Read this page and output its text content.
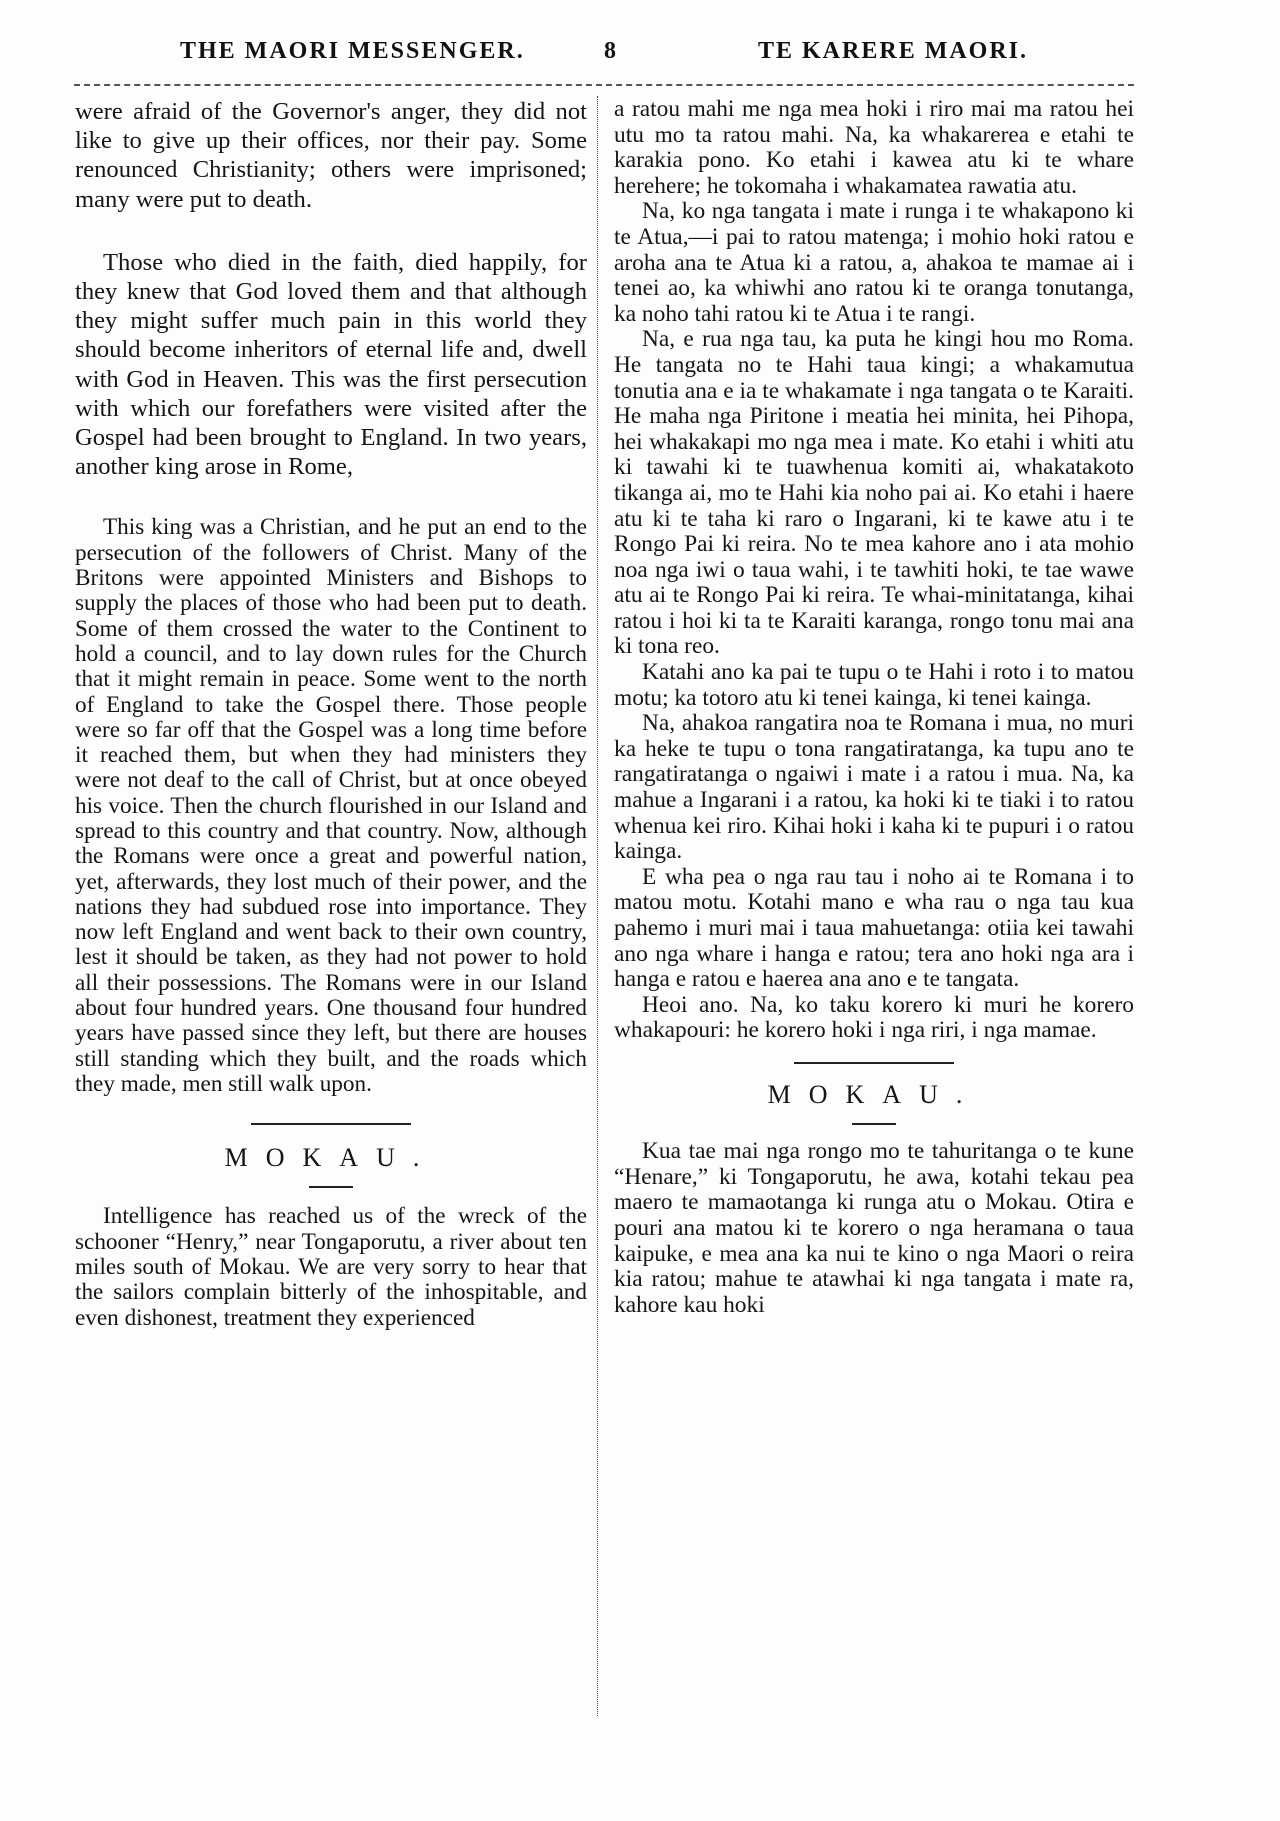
THE MAORI MESSENGER.	8	TE KARERE MAORI.

were afraid of the Governor's anger, they did not like to give up their offices, nor their pay. Some renounced Christianity; others were imprisoned; many were put to death.

Those who died in the faith, died happily, for they knew that God loved them and that although they might suffer much pain in this world they should become inheritors of eternal life and, dwell with God in Heaven. This was the first persecution with which our forefathers were visited after the Gospel had been brought to England. In two years, another king arose in Rome,

This king was a Christian, and he put an end to the persecution of the followers of Christ. Many of the Britons were appointed Ministers and Bishops to supply the places of those who had been put to death. Some of them crossed the water to the Continent to hold a council, and to lay down rules for the Church that it might remain in peace. Some went to the north of England to take the Gospel there. Those people were so far off that the Gospel was a long time before it reached them, but when they had ministers they were not deaf to the call of Christ, but at once obeyed his voice. Then the church flourished in our Island and spread to this country and that country. Now, although the Romans were once a great and powerful nation, yet, afterwards, they lost much of their power, and the nations they had subdued rose into importance. They now left England and went back to their own country, lest it should be taken, as they had not power to hold all their possessions. The Romans were in our Island about four hundred years. One thousand four hundred years have passed since they left, but there are houses still standing which they built, and the roads which they made, men still walk upon.

MOKAU.

Intelligence has reached us of the wreck of the schooner “Henry,” near Tongaporutu, a river about ten miles south of Mokau. We are very sorry to hear that the sailors complain bitterly of the inhospitable, and even dishonest, treatment they experienced

a ratou mahi me nga mea hoki i riro mai ma ratou hei utu mo ta ratou mahi. Na, ka whakarerea e etahi te karakia pono. Ko etahi i kawea atu ki te whare herehere; he tokomaha i whakamatea rawatia atu.

Na, ko nga tangata i mate i runga i te whakapono ki te Atua,—i pai to ratou matenga; i mohio hoki ratou e aroha ana te Atua ki a ratou, a, ahakoa te mamae ai i tenei ao, ka whiwhi ano ratou ki te oranga tonutanga, ka noho tahi ratou ki te Atua i te rangi.

Na, e rua nga tau, ka puta he kingi hou mo Roma. He tangata no te Hahi taua kingi; a whakamutua tonutia ana e ia te whakamate i nga tangata o te Karaiti. He maha nga Piritone i meatia hei minita, hei Pihopa, hei whakakapi mo nga mea i mate. Ko etahi i whiti atu ki tawahi ki te tuawhenua komiti ai, whakatakoto tikanga ai, mo te Hahi kia noho pai ai. Ko etahi i haere atu ki te taha ki raro o Ingarani, ki te kawe atu i te Rongo Pai ki reira. No te mea kahore ano i ata mohio noa nga iwi o taua wahi, i te tawhiti hoki, te tae wawe atu ai te Rongo Pai ki reira. Te whai-minitatanga, kihai ratou i hoi ki ta te Karaiti karanga, rongo tonu mai ana ki tona reo.

Katahi ano ka pai te tupu o te Hahi i roto i to matou motu; ka totoro atu ki tenei kainga, ki tenei kainga.

Na, ahakoa rangatira noa te Romana i mua, no muri ka heke te tupu o tona rangatiratanga, ka tupu ano te rangatiratanga o ngaiwi i mate i a ratou i mua. Na, ka mahue a Ingarani i a ratou, ka hoki ki te tiaki i to ratou whenua kei riro. Kihai hoki i kaha ki te pupuri i o ratou kainga.

E wha pea o nga rau tau i noho ai te Romana i to matou motu. Kotahi mano e wha rau o nga tau kua pahemo i muri mai i taua mahuetanga: otiia kei tawahi ano nga whare i hanga e ratou; tera ano hoki nga ara i hanga e ratou e haerea ana ano e te tangata.

Heoi ano. Na, ko taku korero ki muri he korero whakapouri: he korero hoki i nga riri, i nga mamae.

MOKAU.

Kua tae mai nga rongo mo te tahuritanga o te kune “Henare,” ki Tongaporutu, he awa, kotahi tekau pea maero te mamaotanga ki runga atu o Mokau. Otira e pouri ana matou ki te korero o nga heramana o taua kaipuke, e mea ana ka nui te kino o nga Maori o reira kia ratou; mahue te atawhai ki nga tangata i mate ra, kahore kau hoki
